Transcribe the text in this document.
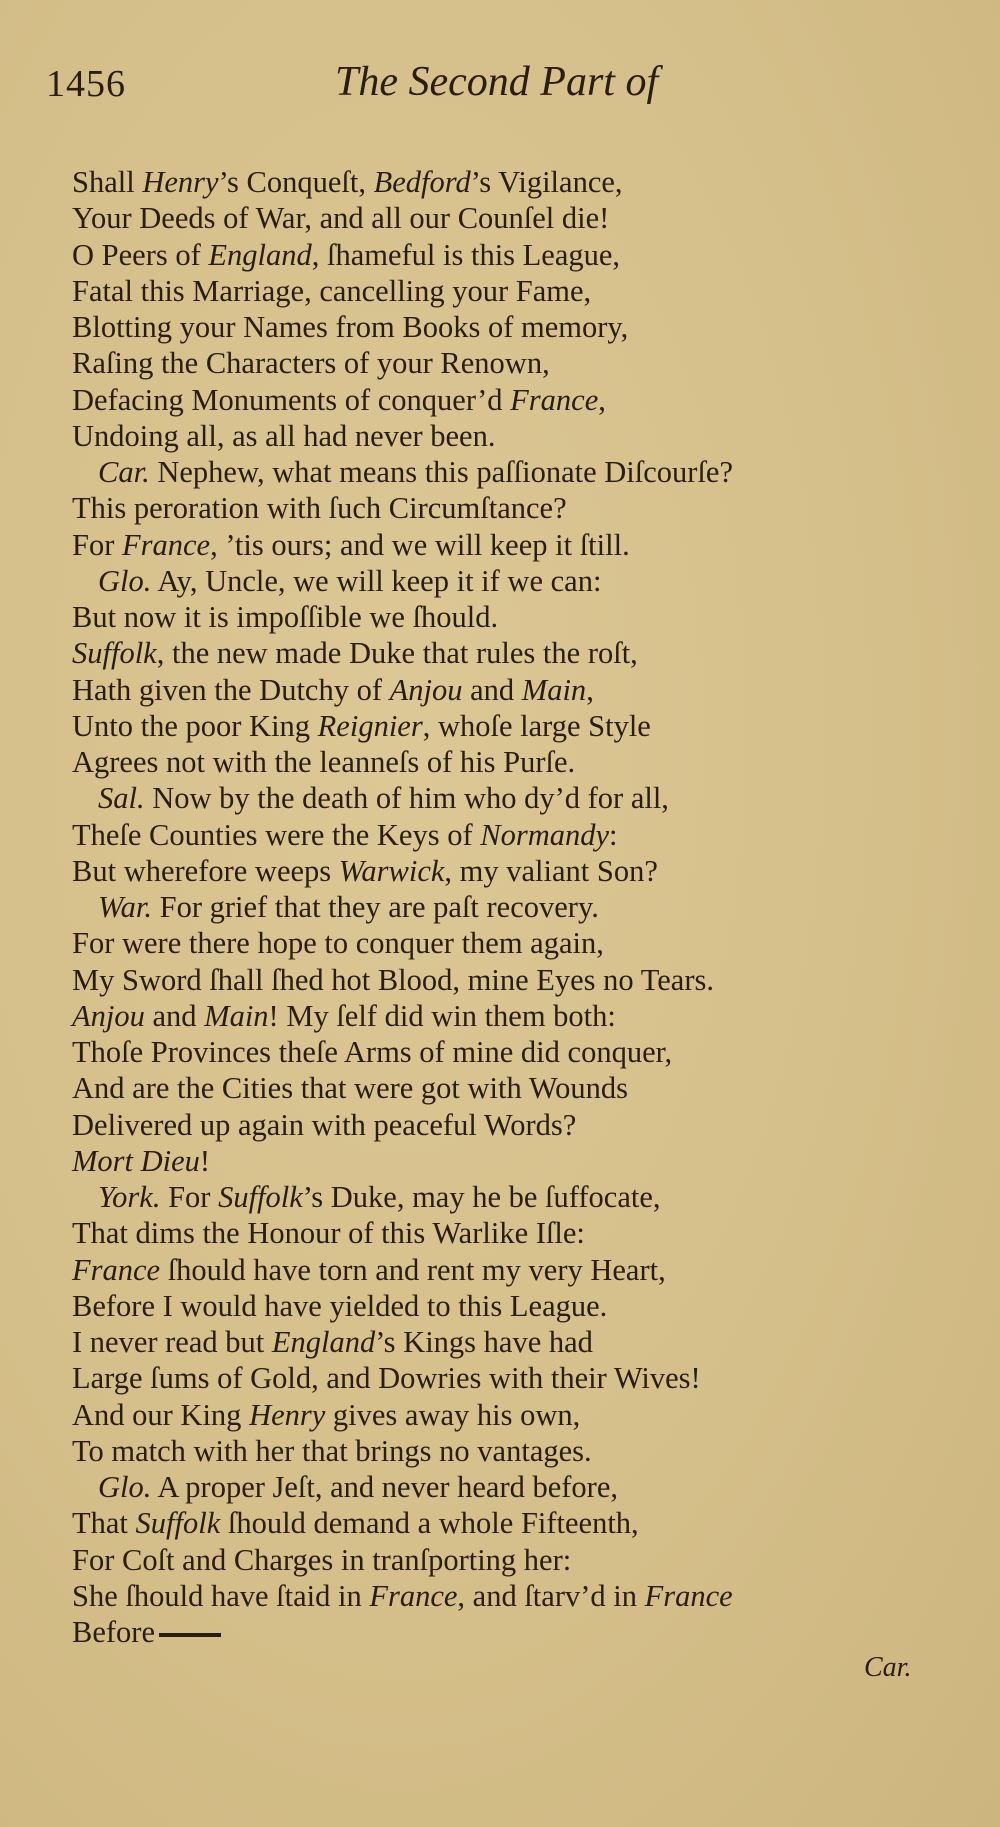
1456	The Second Part of
Shall Henry’s Conqueſt, Bedford’s Vigilance,
Your Deeds of War, and all our Counſel die!
O Peers of England, ſhameful is this League,
Fatal this Marriage, cancelling your Fame,
Blotting your Names from Books of memory,
Raſing the Characters of your Renown,
Defacing Monuments of conquer’d France,
Undoing all, as all had never been.
Car. Nephew, what means this paſſionate Diſcourſe?
This peroration with ſuch Circumſtance?
For France, ’tis ours; and we will keep it ſtill.
Glo. Ay, Uncle, we will keep it if we can:
But now it is impoſſible we ſhould.
Suffolk, the new made Duke that rules the roſt,
Hath given the Dutchy of Anjou and Main,
Unto the poor King Reignier, whoſe large Style
Agrees not with the leanneſs of his Purſe.
Sal. Now by the death of him who dy’d for all,
Theſe Counties were the Keys of Normandy:
But wherefore weeps Warwick, my valiant Son?
War. For grief that they are paſt recovery.
For were there hope to conquer them again,
My Sword ſhall ſhed hot Blood, mine Eyes no Tears.
Anjou and Main! My ſelf did win them both:
Thoſe Provinces theſe Arms of mine did conquer,
And are the Cities that were got with Wounds
Delivered up again with peaceful Words?
Mort Dieu!
York. For Suffolk’s Duke, may he be ſuffocate,
That dims the Honour of this Warlike Iſle:
France ſhould have torn and rent my very Heart,
Before I would have yielded to this League.
I never read but England’s Kings have had
Large ſums of Gold, and Dowries with their Wives!
And our King Henry gives away his own,
To match with her that brings no vantages.
Glo. A proper Jeſt, and never heard before,
That Suffolk ſhould demand a whole Fifteenth,
For Coſt and Charges in tranſporting her:
She ſhould have ſtaid in France, and ſtarv’d in France
Before
Car.
